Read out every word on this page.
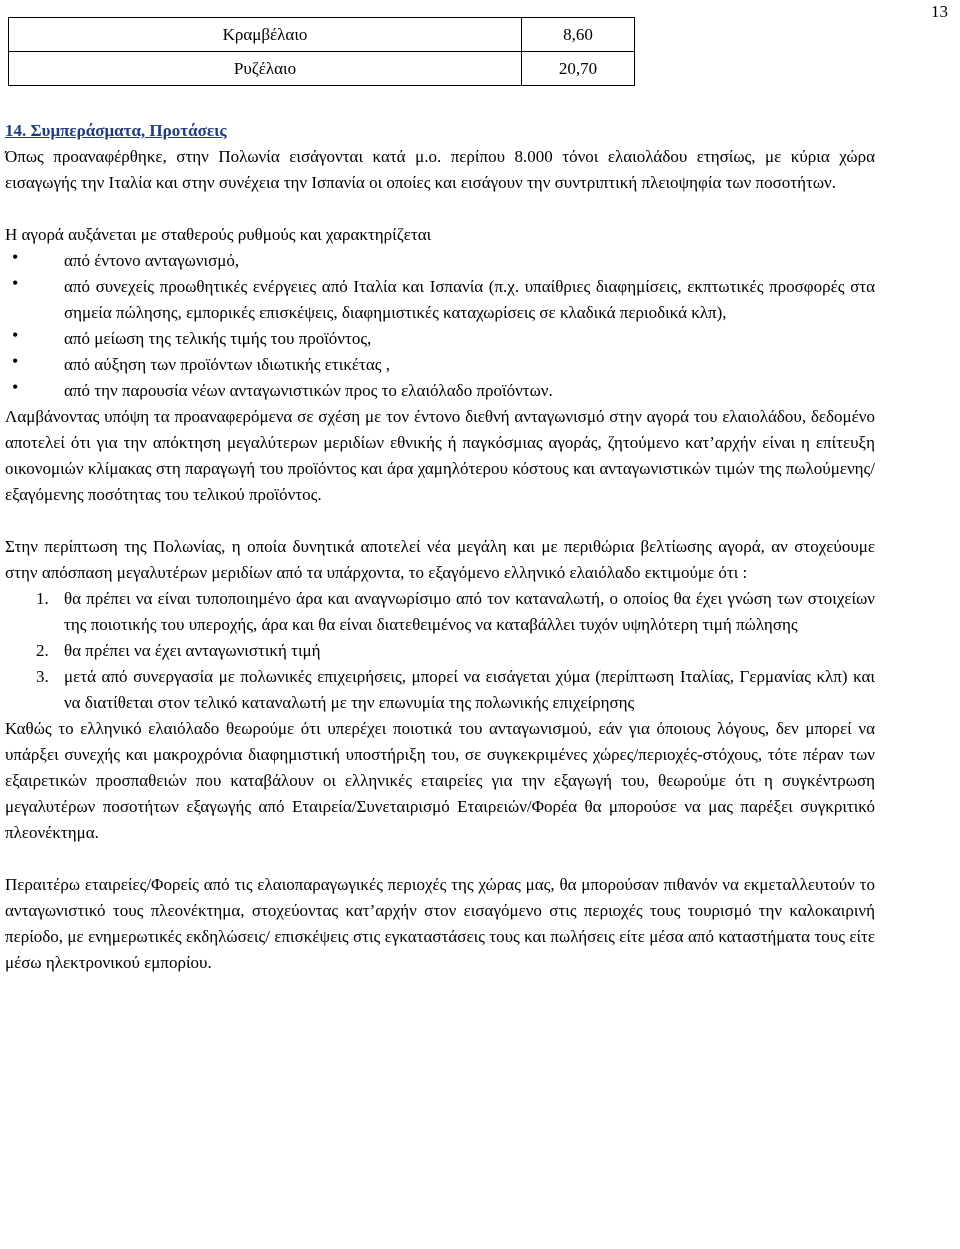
13
Κραμβέλαιο	8,60
Ρυζέλαιο	20,70
14. Συμπεράσματα, Προτάσεις

Όπως προαναφέρθηκε, στην Πολωνία εισάγονται κατά μ.ο. περίπου 8.000 τόνοι ελαιολάδου ετησίως, με κύρια χώρα εισαγωγής την Ιταλία και στην συνέχεια την Ισπανία οι οποίες και εισάγουν την συντριπτική πλειοψηφία των ποσοτήτων.

Η αγορά αυξάνεται με σταθερούς ρυθμούς και χαρακτηρίζεται

•	από έντονο ανταγωνισμό,
•	από συνεχείς προωθητικές ενέργειες από Ιταλία και Ισπανία (π.χ. υπαίθριες διαφημίσεις, εκπτωτικές προσφορές στα σημεία πώλησης, εμπορικές επισκέψεις, διαφημιστικές καταχωρίσεις σε κλαδικά περιοδικά κλπ),
•	από μείωση της τελικής τιμής του προϊόντος,
•	από αύξηση των προϊόντων ιδιωτικής ετικέτας ,
•	από την παρουσία νέων ανταγωνιστικών προς το ελαιόλαδο προϊόντων.

Λαμβάνοντας υπόψη τα προαναφερόμενα σε σχέση με τον έντονο διεθνή ανταγωνισμό στην αγορά του ελαιολάδου, δεδομένο αποτελεί ότι για την απόκτηση μεγαλύτερων μεριδίων εθνικής ή παγκόσμιας αγοράς, ζητούμενο κατ’αρχήν είναι η επίτευξη οικονομιών κλίμακας στη παραγωγή του προϊόντος και άρα χαμηλότερου κόστους και ανταγωνιστικών τιμών της πωλούμενης/εξαγόμενης ποσότητας του τελικού προϊόντος.

Στην περίπτωση της Πολωνίας, η οποία δυνητικά αποτελεί νέα μεγάλη και με περιθώρια βελτίωσης αγορά, αν στοχεύουμε στην απόσπαση μεγαλυτέρων μεριδίων από τα υπάρχοντα, το εξαγόμενο ελληνικό ελαιόλαδο εκτιμούμε ότι :

1. θα πρέπει να είναι τυποποιημένο άρα και αναγνωρίσιμο από τον καταναλωτή, ο οποίος θα έχει γνώση των στοιχείων της ποιοτικής του υπεροχής, άρα και θα είναι διατεθειμένος να καταβάλλει τυχόν υψηλότερη τιμή πώλησης
2. θα πρέπει να έχει ανταγωνιστική τιμή
3. μετά από συνεργασία με πολωνικές επιχειρήσεις, μπορεί να εισάγεται χύμα (περίπτωση Ιταλίας, Γερμανίας κλπ) και να διατίθεται στον τελικό καταναλωτή με την επωνυμία της πολωνικής επιχείρησης

Καθώς το ελληνικό ελαιόλαδο θεωρούμε ότι υπερέχει ποιοτικά του ανταγωνισμού, εάν για όποιους λόγους, δεν μπορεί να υπάρξει συνεχής και μακροχρόνια διαφημιστική υποστήριξη του, σε συγκεκριμένες χώρες/περιοχές-στόχους, τότε πέραν των εξαιρετικών προσπαθειών που καταβάλουν οι ελληνικές εταιρείες για την εξαγωγή του, θεωρούμε ότι η συγκέντρωση μεγαλυτέρων ποσοτήτων εξαγωγής από Εταιρεία/Συνεταιρισμό Εταιρειών/Φορέα θα μπορούσε να μας παρέξει συγκριτικό πλεονέκτημα.

Περαιτέρω εταιρείες/Φορείς από τις ελαιοπαραγωγικές περιοχές της χώρας μας, θα μπορούσαν πιθανόν να εκμεταλλευτούν το ανταγωνιστικό τους πλεονέκτημα, στοχεύοντας κατ’αρχήν στον εισαγόμενο στις περιοχές τους τουρισμό την καλοκαιρινή περίοδο, με ενημερωτικές εκδηλώσεις/ επισκέψεις στις εγκαταστάσεις τους και πωλήσεις είτε μέσα από καταστήματα τους είτε μέσω ηλεκτρονικού εμπορίου.
